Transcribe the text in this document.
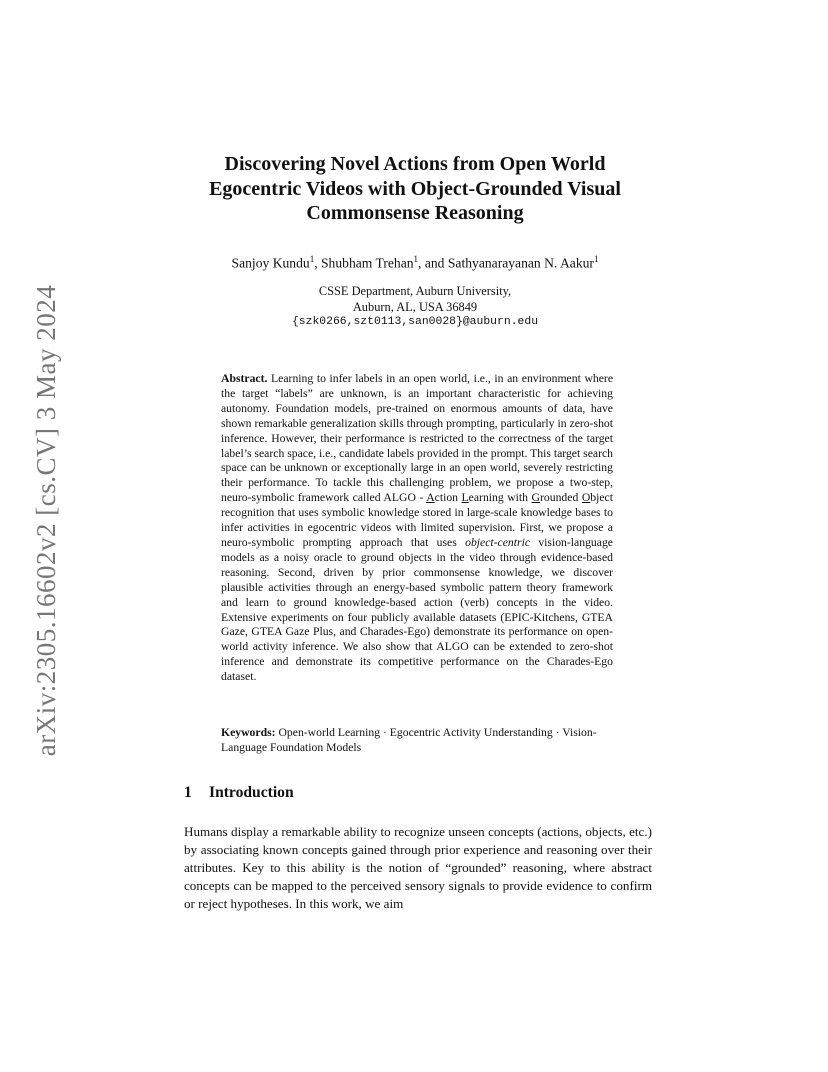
arXiv:2305.16602v2 [cs.CV] 3 May 2024
Discovering Novel Actions from Open World
Egocentric Videos with Object-Grounded Visual
Commonsense Reasoning
Sanjoy Kundu$^1$, Shubham Trehan$^1$, and Sathyanarayanan N. Aakur$^1$
CSSE Department, Auburn University,
Auburn, AL, USA 36849
{szk0266,szt0113,san0028}@auburn.edu
Abstract. Learning to infer labels in an open world, i.e., in an environment where the target “labels” are unknown, is an important characteristic for achieving autonomy. Foundation models, pre-trained on enormous amounts of data, have shown remarkable generalization skills through prompting, particularly in zero-shot inference. However, their performance is restricted to the correctness of the target label’s search space, i.e., candidate labels provided in the prompt. This target search space can be unknown or exceptionally large in an open world, severely restricting their performance. To tackle this challenging problem, we propose a two-step, neuro-symbolic framework called ALGO - Action Learning with Grounded Object recognition that uses symbolic knowledge stored in large-scale knowledge bases to infer activities in egocentric videos with limited supervision. First, we propose a neuro-symbolic prompting approach that uses object-centric vision-language models as a noisy oracle to ground objects in the video through evidence-based reasoning. Second, driven by prior commonsense knowledge, we discover plausible activities through an energy-based symbolic pattern theory framework and learn to ground knowledge-based action (verb) concepts in the video. Extensive experiments on four publicly available datasets (EPIC-Kitchens, GTEA Gaze, GTEA Gaze Plus, and Charades-Ego) demonstrate its performance on open-world activity inference. We also show that ALGO can be extended to zero-shot inference and demonstrate its competitive performance on the Charades-Ego dataset.
Keywords: Open-world Learning · Egocentric Activity Understanding · Vision-Language Foundation Models
1 Introduction
Humans display a remarkable ability to recognize unseen concepts (actions, objects, etc.) by associating known concepts gained through prior experience and reasoning over their attributes. Key to this ability is the notion of “grounded” reasoning, where abstract concepts can be mapped to the perceived sensory signals to provide evidence to confirm or reject hypotheses. In this work, we aim
